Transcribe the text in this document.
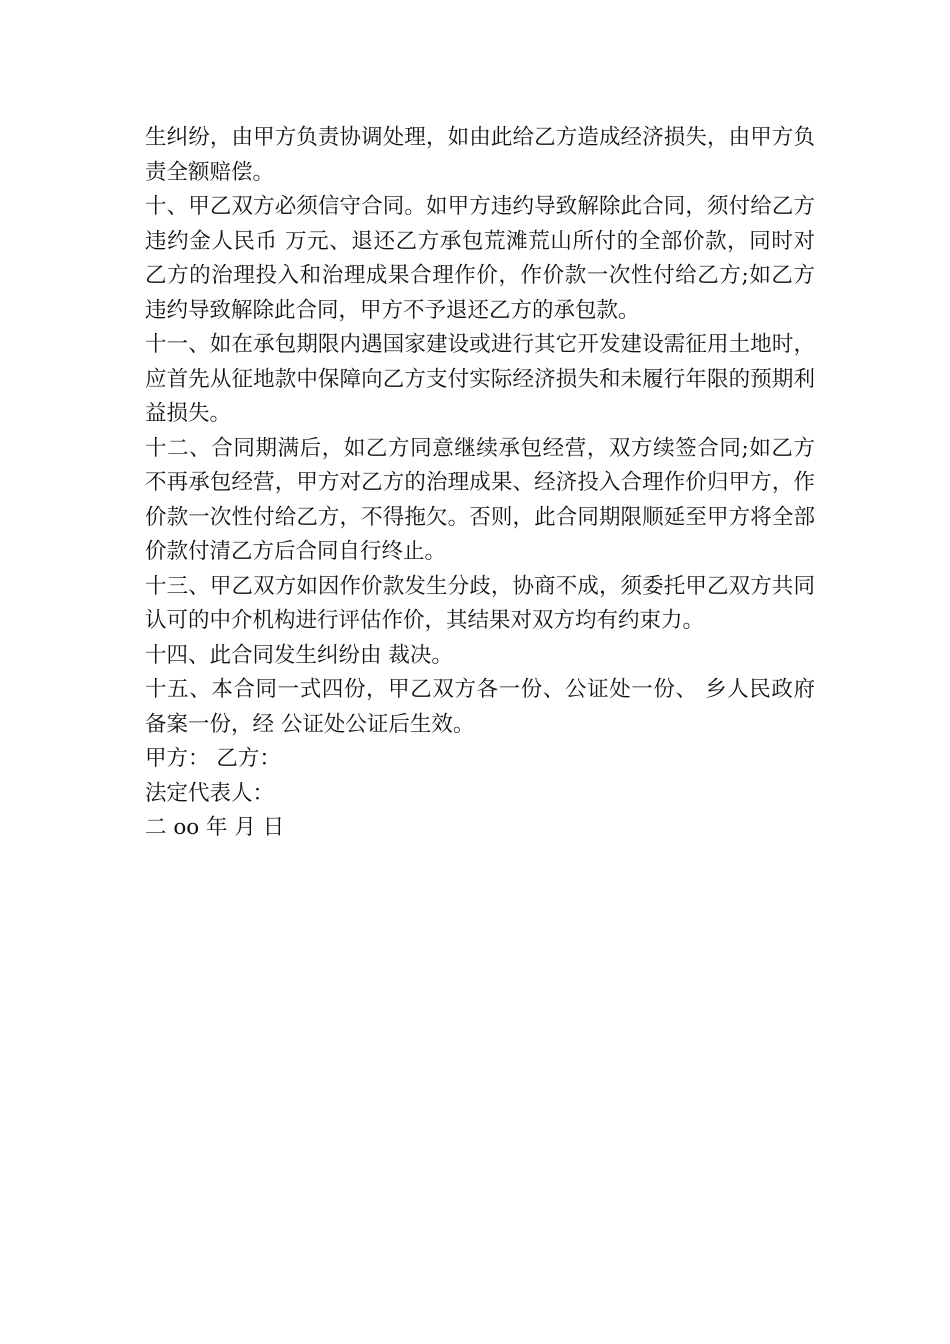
生纠纷，由甲方负责协调处理，如由此给乙方造成经济损失，由甲方负责全额赔偿。

十、甲乙双方必须信守合同。如甲方违约导致解除此合同，须付给乙方违约金人民币 万元、退还乙方承包荒滩荒山所付的全部价款，同时对乙方的治理投入和治理成果合理作价，作价款一次性付给乙方;如乙方违约导致解除此合同，甲方不予退还乙方的承包款。

十一、如在承包期限内遇国家建设或进行其它开发建设需征用土地时，应首先从征地款中保障向乙方支付实际经济损失和未履行年限的预期利益损失。

十二、合同期满后，如乙方同意继续承包经营，双方续签合同;如乙方不再承包经营，甲方对乙方的治理成果、经济投入合理作价归甲方，作价款一次性付给乙方，不得拖欠。否则，此合同期限顺延至甲方将全部价款付清乙方后合同自行终止。

十三、甲乙双方如因作价款发生分歧，协商不成，须委托甲乙双方共同认可的中介机构进行评估作价，其结果对双方均有约束力。

十四、此合同发生纠纷由 裁决。

十五、本合同一式四份，甲乙双方各一份、公证处一份、 乡人民政府备案一份，经 公证处公证后生效。

甲方： 乙方：

法定代表人：

二 oo 年 月 日
